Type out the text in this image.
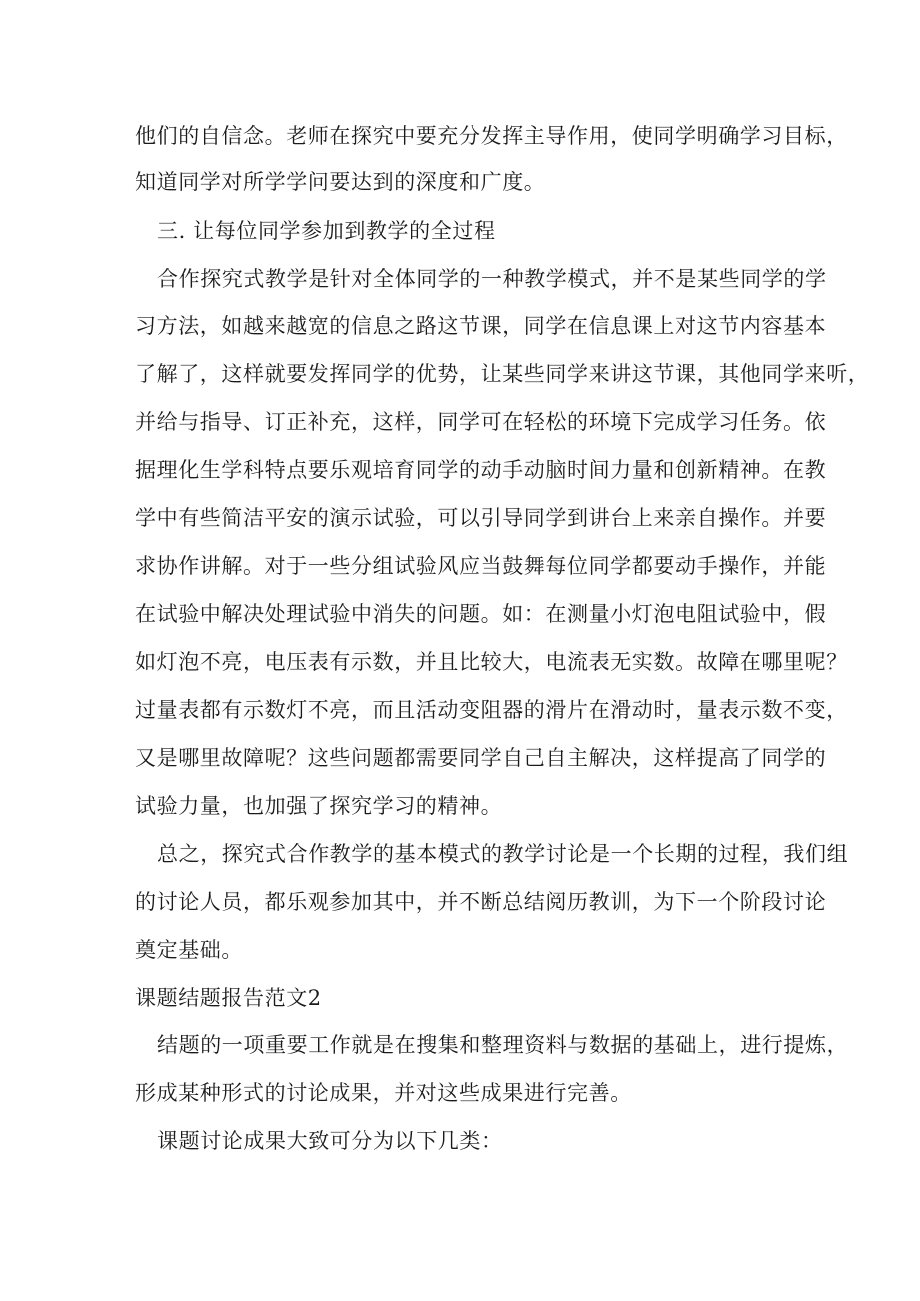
他们的自信念。老师在探究中要充分发挥主导作用，使同学明确学习目标，
知道同学对所学学问要达到的深度和广度。
三. 让每位同学参加到教学的全过程
合作探究式教学是针对全体同学的一种教学模式，并不是某些同学的学
习方法，如越来越宽的信息之路这节课，同学在信息课上对这节内容基本
了解了，这样就要发挥同学的优势，让某些同学来讲这节课，其他同学来听，
并给与指导、订正补充，这样，同学可在轻松的环境下完成学习任务。依
据理化生学科特点要乐观培育同学的动手动脑时间力量和创新精神。在教
学中有些简洁平安的演示试验，可以引导同学到讲台上来亲自操作。并要
求协作讲解。对于一些分组试验风应当鼓舞每位同学都要动手操作，并能
在试验中解决处理试验中消失的问题。如：在测量小灯泡电阻试验中，假
如灯泡不亮，电压表有示数，并且比较大，电流表无实数。故障在哪里呢？
过量表都有示数灯不亮，而且活动变阻器的滑片在滑动时，量表示数不变，
又是哪里故障呢？这些问题都需要同学自己自主解决，这样提高了同学的
试验力量，也加强了探究学习的精神。
总之，探究式合作教学的基本模式的教学讨论是一个长期的过程，我们组
的讨论人员，都乐观参加其中，并不断总结阅历教训，为下一个阶段讨论
奠定基础。
课题结题报告范文2
结题的一项重要工作就是在搜集和整理资料与数据的基础上，进行提炼，
形成某种形式的讨论成果，并对这些成果进行完善。
课题讨论成果大致可分为以下几类：
